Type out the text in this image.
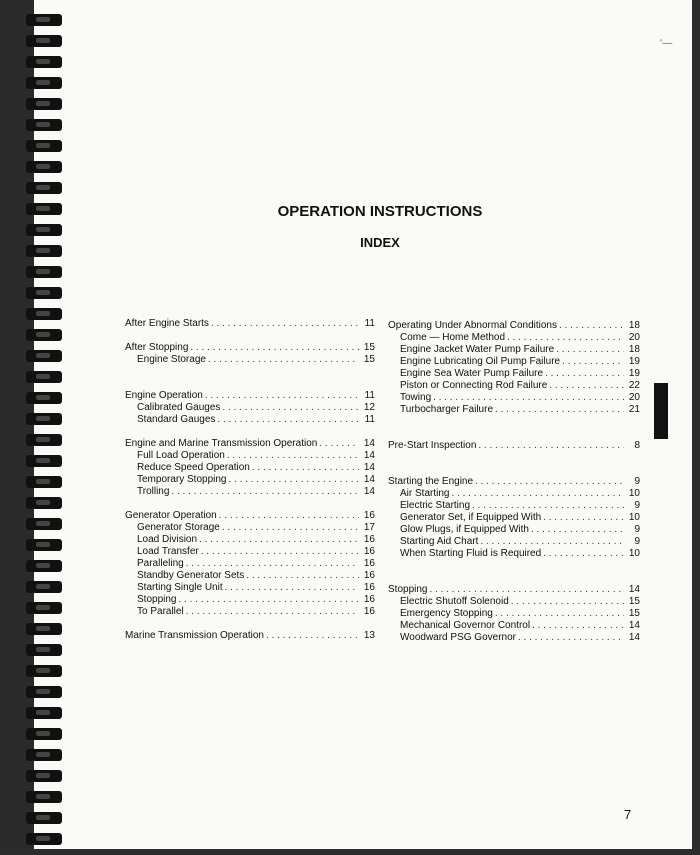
‘—
OPERATION INSTRUCTIONS
INDEX
After Engine Starts . . .	11
After Stopping . . .	15
Engine Storage . . .	15
Engine Operation . . .	11
Calibrated Gauges . . .	12
Standard Gauges . . .	11
Engine and Marine Transmission Operation . . .	14
Full Load Operation . . .	14
Reduce Speed Operation . . .	14
Temporary Stopping . . .	14
Trolling . . .	14
Generator Operation . . .	16
Generator Storage . . .	17
Load Division . . .	16
Load Transfer . . .	16
Paralleling . . .	16
Standby Generator Sets . . .	16
Starting Single Unit . . .	16
Stopping . . .	16
To Parallel . . .	16
Marine Transmission Operation . . .	13
Operating Under Abnormal Conditions . . .	18
Come — Home Method . . .	20
Engine Jacket Water Pump Failure . . .	18
Engine Lubricating Oil Pump Failure . . .	19
Engine Sea Water Pump Failure . . .	19
Piston or Connecting Rod Failure . . .	22
Towing . . .	20
Turbocharger Failure . . .	21
Pre-Start Inspection . . .	8
Starting the Engine . . .	9
Air Starting . . .	10
Electric Starting . . .	9
Generator Set, if Equipped With . . .	10
Glow Plugs, if Equipped With . . .	9
Starting Aid Chart . . .	9
When Starting Fluid is Required . . .	10
Stopping . . .	14
Electric Shutoff Solenoid . . .	15
Emergency Stopping . . .	15
Mechanical Governor Control . . .	14
Woodward PSG Governor . . .	14
7
